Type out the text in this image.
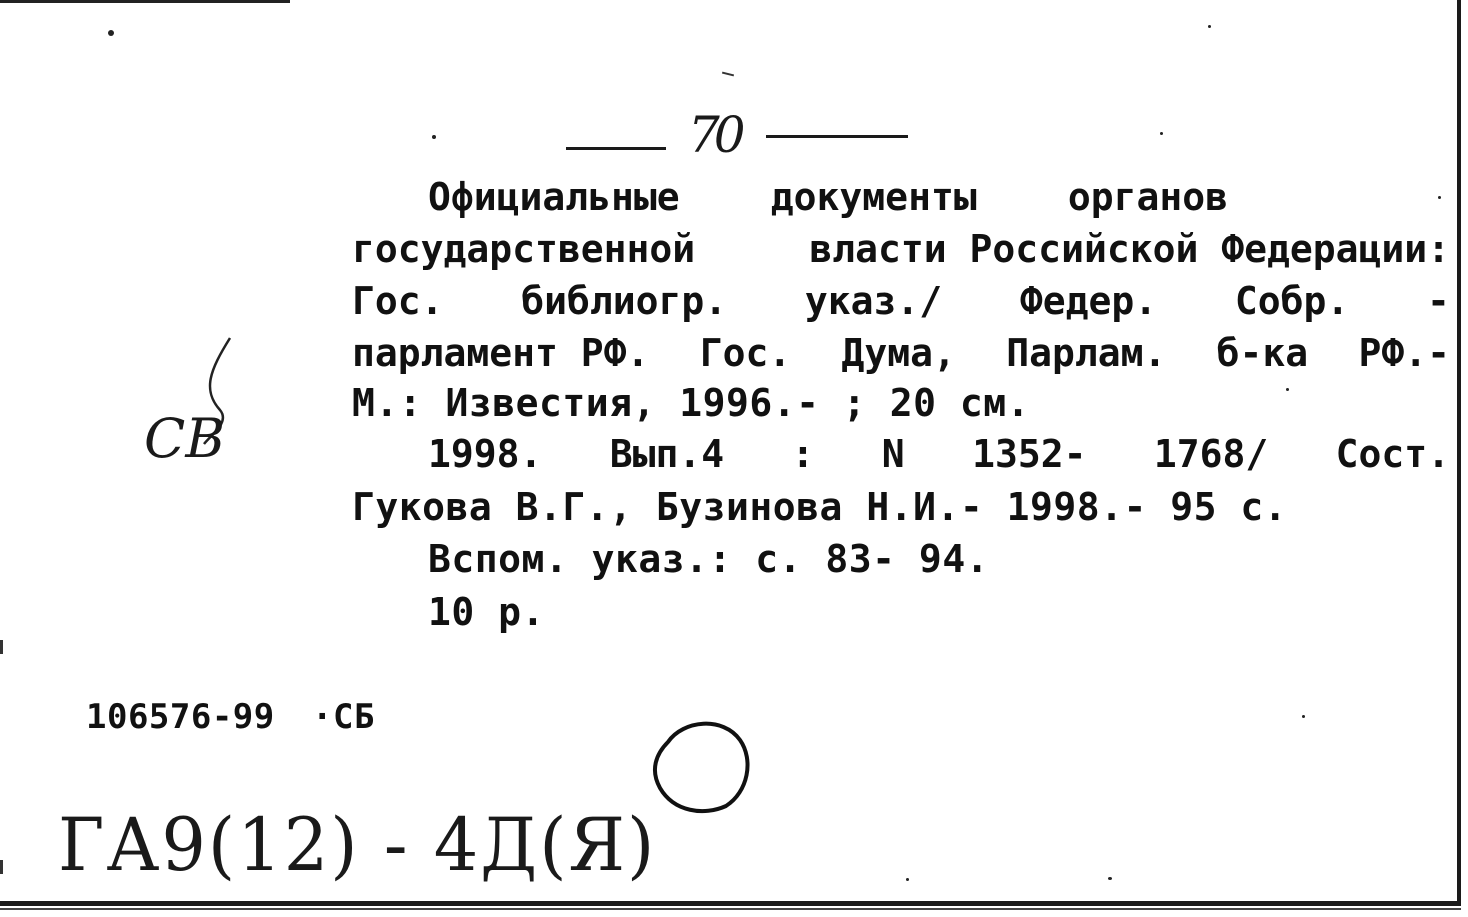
70
Официальные документы органов
государственной	власти Российской Федерации:
Гос. библиогр. указ./ Федер. Собр. -
парламент РФ. Гос. Дума, Парлам. б-ка РФ.-
М.: Известия, 1996.- ; 20 см.
1998. Вып.4 : N 1352- 1768/ Сост.
Гукова В.Г., Бузинова Н.И.- 1998.- 95 с.
Вспом. указ.: с. 83- 94.
10 р.
106576-99 ·СБ
СВ
ГА9(12) - 4Д(Я)
